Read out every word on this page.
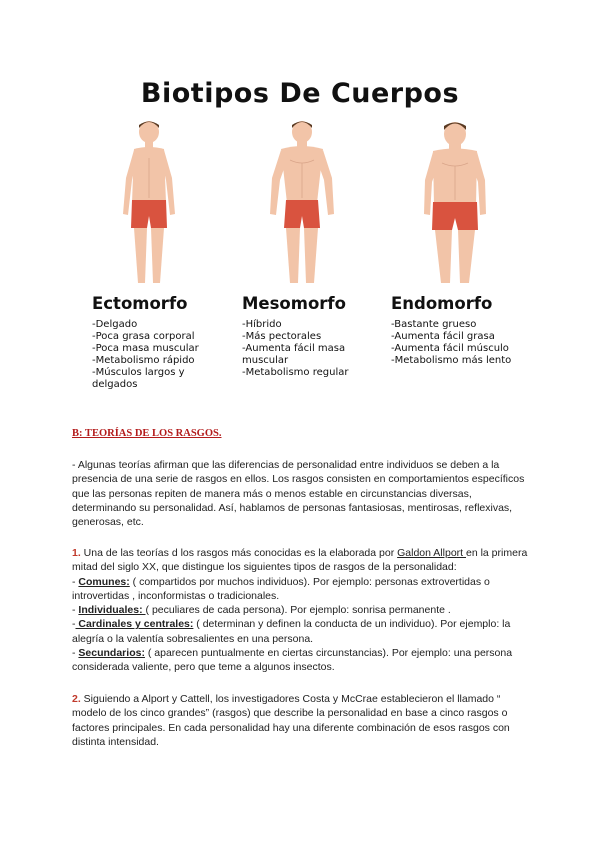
Biotipos De Cuerpos
Ectomorfo
-Delgado
-Poca grasa corporal
-Poca masa muscular
-Metabolismo rápido
-Músculos largos y
delgados
Mesomorfo
-Híbrido
-Más pectorales
-Aumenta fácil masa
muscular
-Metabolismo regular
Endomorfo
-Bastante grueso
-Aumenta fácil grasa
-Aumenta fácil músculo
-Metabolismo más lento
B: TEORÍAS DE LOS RASGOS.

- Algunas teorías afirman que las diferencias de personalidad entre individuos se deben a la presencia de una serie de rasgos en ellos. Los rasgos consisten en comportamientos específicos que las personas repiten de manera más o menos estable en circunstancias diversas, determinando su personalidad. Así, hablamos de personas fantasiosas, mentirosas, reflexivas, generosas, etc.

1. Una de las teorías d los rasgos más conocidas es la elaborada por Galdon Allport en la primera mitad del siglo XX, que distingue los siguientes tipos de rasgos de la personalidad:
- Comunes: ( compartidos por muchos individuos). Por ejemplo: personas extrovertidas o introvertidas , inconformistas o tradicionales.
- Individuales: ( peculiares de cada persona). Por ejemplo: sonrisa permanente .
- Cardinales y centrales: ( determinan y definen la conducta de un individuo). Por ejemplo: la alegría o la valentía sobresalientes en una persona.
- Secundarios: ( aparecen puntualmente en ciertas circunstancias). Por ejemplo: una persona considerada valiente, pero que teme a algunos insectos.
2. Siguiendo a Alport y Cattell, los investigadores Costa y McCrae establecieron el llamado “ modelo de los cinco grandes” (rasgos) que describe la personalidad en base a cinco rasgos o factores principales. En cada personalidad hay una diferente combinación de esos rasgos con distinta intensidad.
